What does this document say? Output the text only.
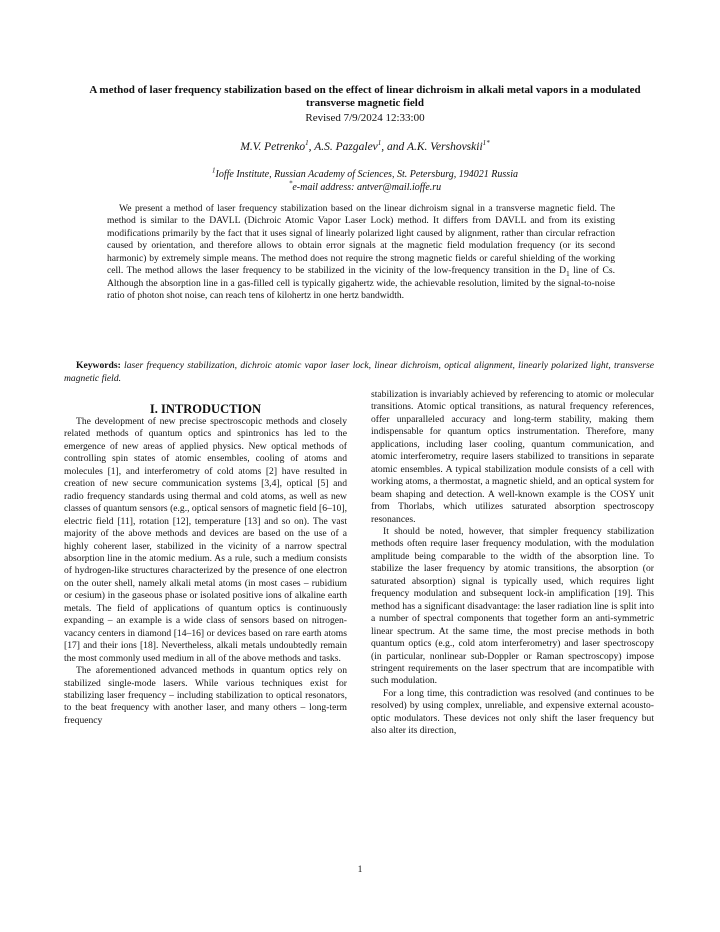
A method of laser frequency stabilization based on the effect of linear dichroism in alkali metal vapors in a modulated transverse magnetic field
Revised 7/9/2024 12:33:00
M.V. Petrenko$^1$, A.S. Pazgalev$^1$, and A.K. Vershovskii$^{1*}$
$^1$Ioffe Institute, Russian Academy of Sciences, St. Petersburg, 194021 Russia
*e-mail address: antver@mail.ioffe.ru

We present a method of laser frequency stabilization based on the linear dichroism signal in a transverse magnetic field. The method is similar to the DAVLL (Dichroic Atomic Vapor Laser Lock) method. It differs from DAVLL and from its existing modifications primarily by the fact that it uses signal of linearly polarized light caused by alignment, rather than circular refraction caused by orientation, and therefore allows to obtain error signals at the magnetic field modulation frequency (or its second harmonic) by extremely simple means. The method does not require the strong magnetic fields or careful shielding of the working cell. The method allows the laser frequency to be stabilized in the vicinity of the low-frequency transition in the $D_1$ line of Cs. Although the absorption line in a gas-filled cell is typically gigahertz wide, the achievable resolution, limited by the signal-to-noise ratio of photon shot noise, can reach tens of kilohertz in one hertz bandwidth.

Keywords: laser frequency stabilization, dichroic atomic vapor laser lock, linear dichroism, optical alignment, linearly polarized light, transverse magnetic field.

I. INTRODUCTION

The development of new precise spectroscopic methods and closely related methods of quantum optics and spintronics has led to the emergence of new areas of applied physics. New optical methods of controlling spin states of atomic ensembles, cooling of atoms and molecules [1], and interferometry of cold atoms [2] have resulted in creation of new secure communication systems [3,4], optical [5] and radio frequency standards using thermal and cold atoms, as well as new classes of quantum sensors (e.g., optical sensors of magnetic field [6–10], electric field [11], rotation [12], temperature [13] and so on). The vast majority of the above methods and devices are based on the use of a highly coherent laser, stabilized in the vicinity of a narrow spectral absorption line in the atomic medium. As a rule, such a medium consists of hydrogen-like structures characterized by the presence of one electron on the outer shell, namely alkali metal atoms (in most cases – rubidium or cesium) in the gaseous phase or isolated positive ions of alkaline earth metals. The field of applications of quantum optics is continuously expanding – an example is a wide class of sensors based on nitrogen-vacancy centers in diamond [14–16] or devices based on rare earth atoms [17] and their ions [18]. Nevertheless, alkali metals undoubtedly remain the most commonly used medium in all of the above methods and tasks.

The aforementioned advanced methods in quantum optics rely on stabilized single-mode lasers. While various techniques exist for stabilizing laser frequency – including stabilization to optical resonators, to the beat frequency with another laser, and many others – long-term frequency

stabilization is invariably achieved by referencing to atomic or molecular transitions. Atomic optical transitions, as natural frequency references, offer unparalleled accuracy and long-term stability, making them indispensable for quantum optics instrumentation. Therefore, many applications, including laser cooling, quantum communication, and atomic interferometry, require lasers stabilized to transitions in separate atomic ensembles. A typical stabilization module consists of a cell with working atoms, a thermostat, a magnetic shield, and an optical system for beam shaping and detection. A well-known example is the COSY unit from Thorlabs, which utilizes saturated absorption spectroscopy resonances.

It should be noted, however, that simpler frequency stabilization methods often require laser frequency modulation, with the modulation amplitude being comparable to the width of the absorption line. To stabilize the laser frequency by atomic transitions, the absorption (or saturated absorption) signal is typically used, which requires light frequency modulation and subsequent lock-in amplification [19]. This method has a significant disadvantage: the laser radiation line is split into a number of spectral components that together form an anti-symmetric linear spectrum. At the same time, the most precise methods in both quantum optics (e.g., cold atom interferometry) and laser spectroscopy (in particular, nonlinear sub-Doppler or Raman spectroscopy) impose stringent requirements on the laser spectrum that are incompatible with such modulation.

For a long time, this contradiction was resolved (and continues to be resolved) by using complex, unreliable, and expensive external acousto-optic modulators. These devices not only shift the laser frequency but also alter its direction,

1
